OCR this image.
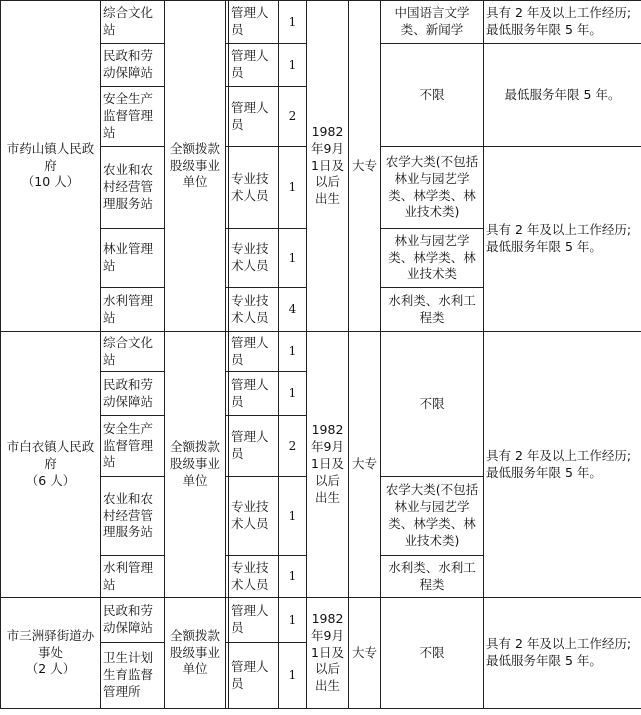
市药山镇人民政府
（10 人）	综合文化站	全额拨款股级事业单位		管理人员	1	1982年9月1日及以后出生	大专	中国语言文学类、新闻学	具有 2 年及以上工作经历;最低服务年限 5 年。
	民政和劳动保障站			管理人员	1			不限	最低服务年限 5 年。
	安全生产监督管理站			管理人员	2				
	农业和农村经营管理服务站			专业技术人员	1			农学大类(不包括林业与园艺学类、林学类、林业技术类)	具有 2 年及以上工作经历;最低服务年限 5 年。
	林业管理站			专业技术人员	1			林业与园艺学类、林学类、林业技术类	
	水利管理站			专业技术人员	4			水利类、水利工程类	
市白衣镇人民政府
（6 人）	综合文化站	全额拨款股级事业单位		管理人员	1	1982年9月1日及以后出生	大专	不限	具有 2 年及以上工作经历;最低服务年限 5 年。
	民政和劳动保障站			管理人员	1				
	安全生产监督管理站			管理人员	2				
	农业和农村经营管理服务站			专业技术人员	1			农学大类(不包括林业与园艺学类、林学类、林业技术类)	
	水利管理站			专业技术人员	1			水利类、水利工程类	
市三洲驿街道办事处
（2 人）	民政和劳动保障站	全额拨款股级事业单位		管理人员	1	1982年9月1日及以后出生	大专	不限	具有 2 年及以上工作经历;最低服务年限 5 年。
	卫生计划生育监督管理所			管理人员	1				
